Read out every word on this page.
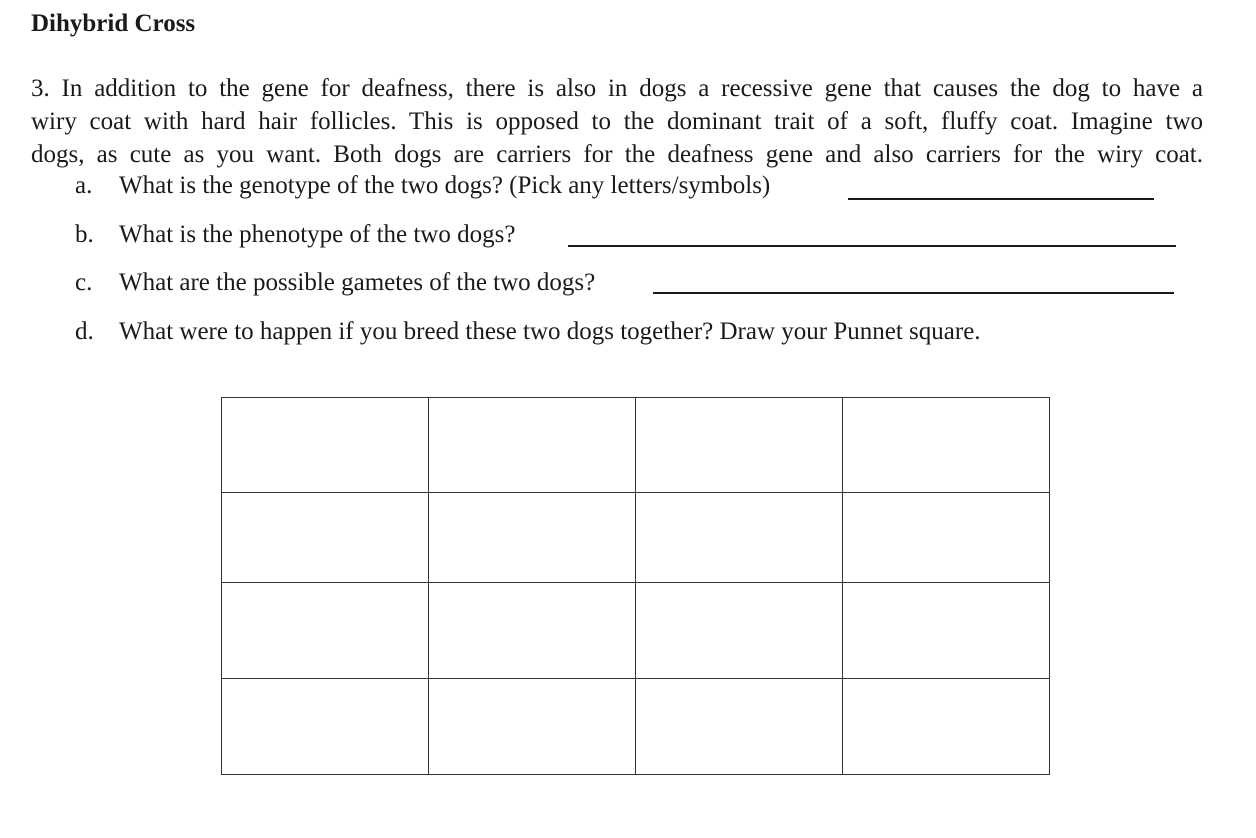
Dihybrid Cross

3. In addition to the gene for deafness, there is also in dogs a recessive gene that causes the dog to have a
wiry coat with hard hair follicles. This is opposed to the dominant trait of a soft, fluffy coat. Imagine two
dogs, as cute as you want. Both dogs are carriers for the deafness gene and also carriers for the wiry coat.

a.	What is the genotype of the two dogs? (Pick any letters/symbols)
b.	What is the phenotype of the two dogs?
c.	What are the possible gametes of the two dogs?
d.	What were to happen if you breed these two dogs together? Draw your Punnet square.
